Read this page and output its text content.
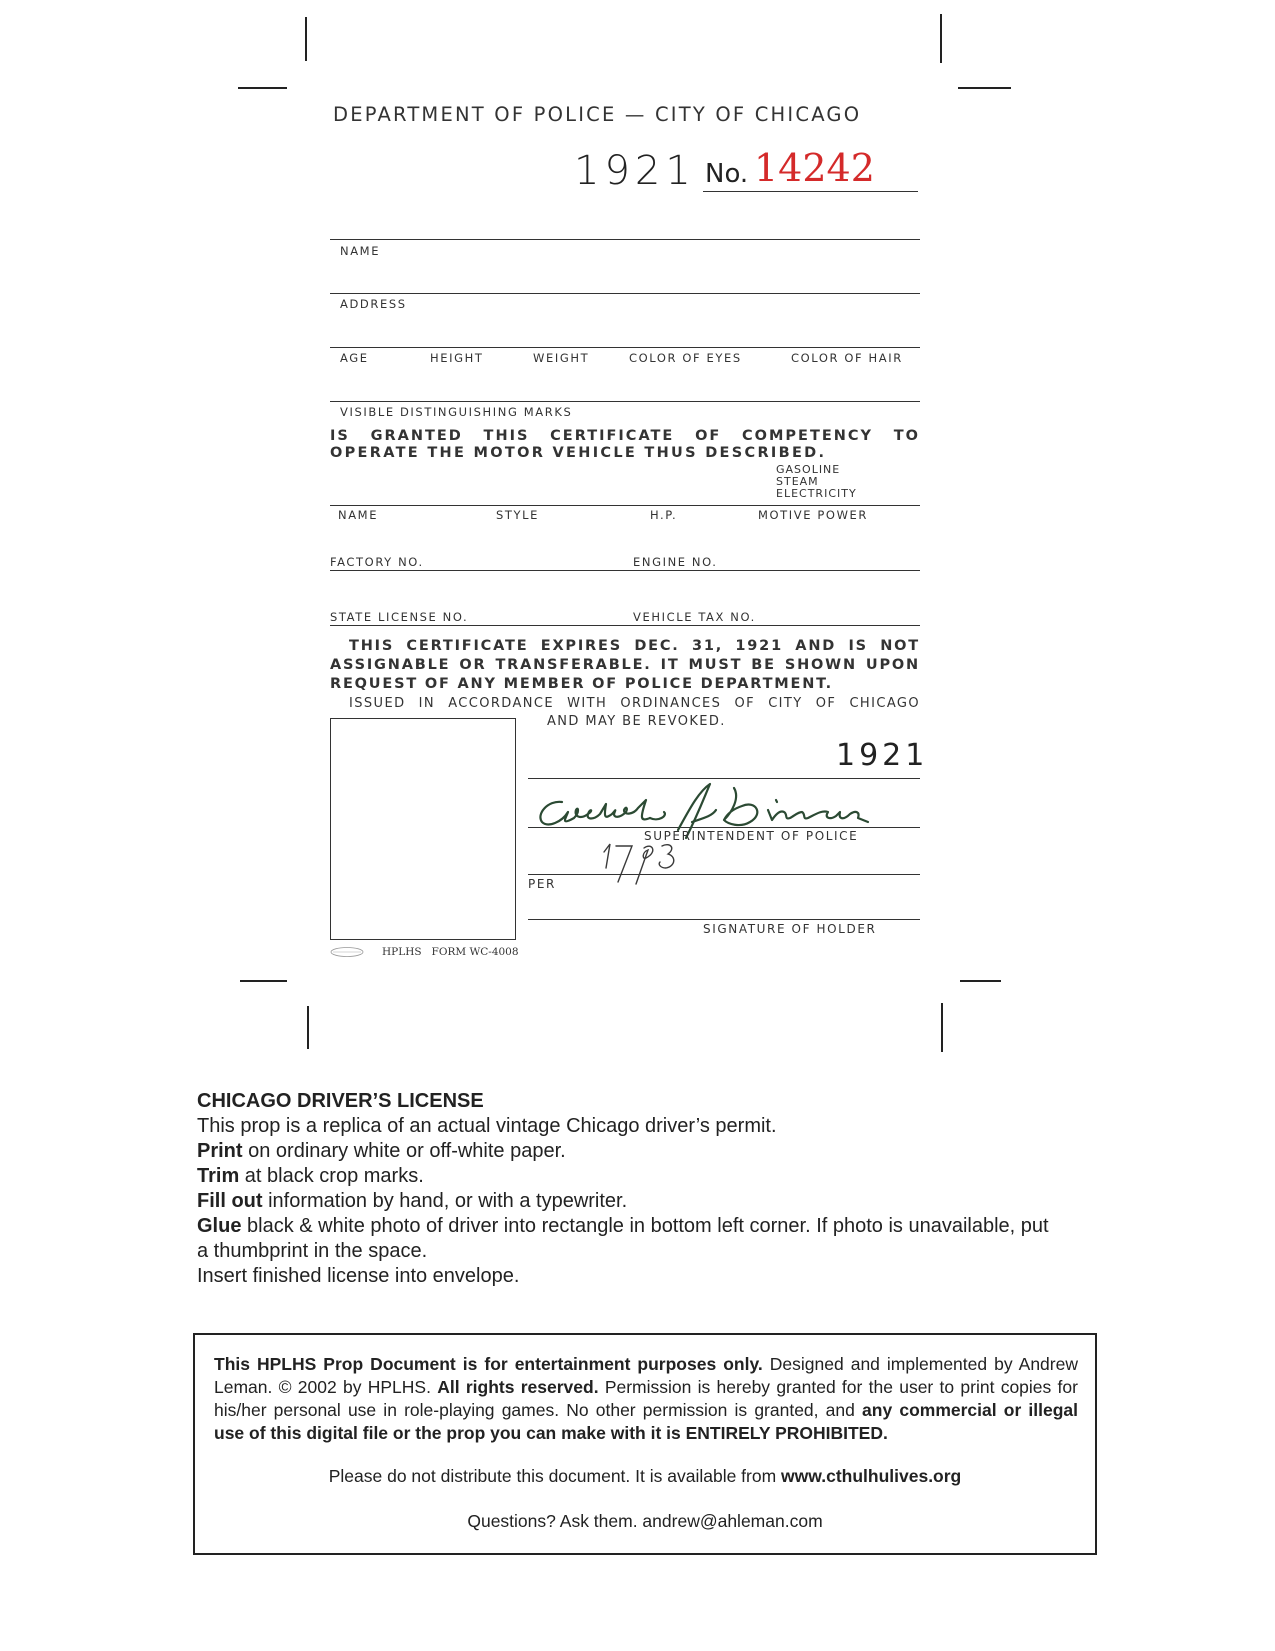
DEPARTMENT OF POLICE — CITY OF CHICAGO
1921 No. 14242
NAME
ADDRESS
AGE	HEIGHT	WEIGHT	COLOR OF EYES	COLOR OF HAIR
VISIBLE DISTINGUISHING MARKS
IS GRANTED THIS CERTIFICATE OF COMPETENCY TO
OPERATE THE MOTOR VEHICLE THUS DESCRIBED.
GASOLINE
STEAM
ELECTRICITY
NAME	STYLE	H.P.	MOTIVE POWER
FACTORY NO.	ENGINE NO.
STATE LICENSE NO.	VEHICLE TAX NO.
THIS CERTIFICATE EXPIRES DEC. 31, 1921 AND IS NOT
ASSIGNABLE OR TRANSFERABLE. IT MUST BE SHOWN UPON
REQUEST OF ANY MEMBER OF POLICE DEPARTMENT.
ISSUED IN ACCORDANCE WITH ORDINANCES OF CITY OF CHICAGO
AND MAY BE REVOKED.
1921
SUPERINTENDENT OF POLICE
PER
SIGNATURE OF HOLDER
HPLHS   FORM WC-4008
CHICAGO DRIVER’S LICENSE
This prop is a replica of an actual vintage Chicago driver’s permit.
Print on ordinary white or off-white paper.
Trim at black crop marks.
Fill out information by hand, or with a typewriter.
Glue black & white photo of driver into rectangle in bottom left corner. If photo is unavailable, put a thumbprint in the space.
Insert finished license into envelope.
This HPLHS Prop Document is for entertainment purposes only. Designed and implemented by Andrew Leman. © 2002 by HPLHS. All rights reserved. Permission is hereby granted for the user to print copies for his/her personal use in role-playing games. No other permission is granted, and any commercial or illegal use of this digital file or the prop you can make with it is ENTIRELY PROHIBITED.
Please do not distribute this document. It is available from www.cthulhulives.org
Questions? Ask them. andrew@ahleman.com
